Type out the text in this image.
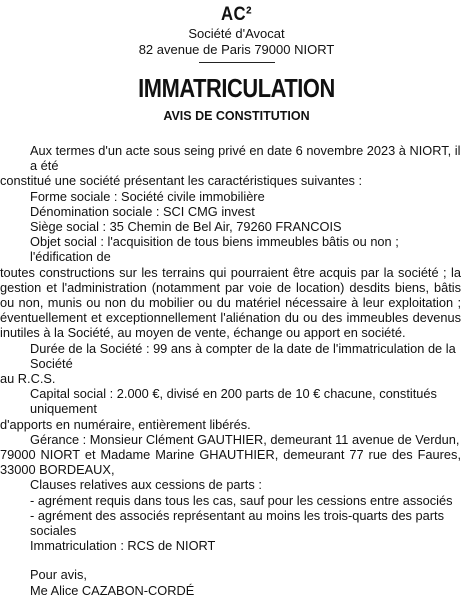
AC²
Société d'Avocat
82 avenue de Paris 79000 NIORT
IMMATRICULATION
AVIS DE CONSTITUTION

Aux termes d'un acte sous seing privé en date 6 novembre 2023 à NIORT, il a été

constitué une société présentant les caractéristiques suivantes :

Forme sociale : Société civile immobilière

Dénomination sociale : SCI CMG invest

Siège social : 35 Chemin de Bel Air, 79260 FRANCOIS

Objet social : l'acquisition de tous biens immeubles bâtis ou non ; l'édification de

toutes constructions sur les terrains qui pourraient être acquis par la société ; la gestion et l'administration (notamment par voie de location) desdits biens, bâtis ou non, munis ou non du mobilier ou du matériel nécessaire à leur exploitation ; éventuellement et exceptionnellement l'aliénation du ou des immeubles devenus inutiles à la Société, au moyen de vente, échange ou apport en société.

Durée de la Société : 99 ans à compter de la date de l'immatriculation de la Société

au R.C.S.

Capital social : 2.000 €, divisé en 200 parts de 10 € chacune, constitués uniquement

d'apports en numéraire, entièrement libérés.

Gérance : Monsieur Clément GAUTHIER, demeurant 11 avenue de Verdun,

79000 NIORT et Madame Marine GHAUTHIER, demeurant 77 rue des Faures, 33000 BORDEAUX,

Clauses relatives aux cessions de parts :

- agrément requis dans tous les cas, sauf pour les cessions entre associés

- agrément des associés représentant au moins les trois-quarts des parts sociales

Immatriculation : RCS de NIORT

Pour avis,

Me Alice CAZABON-CORDÉ
